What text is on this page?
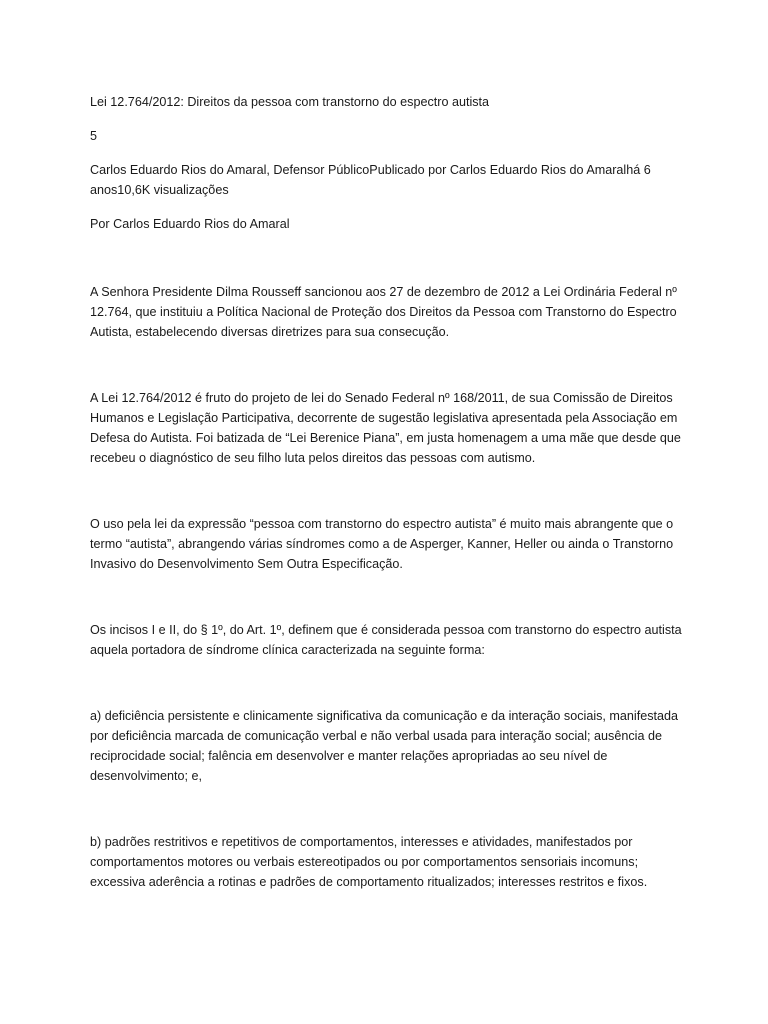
Lei 12.764/2012: Direitos da pessoa com transtorno do espectro autista

5

Carlos Eduardo Rios do Amaral, Defensor PúblicoPublicado por Carlos Eduardo Rios do Amaralhá 6 anos10,6K visualizações

Por Carlos Eduardo Rios do Amaral

A Senhora Presidente Dilma Rousseff sancionou aos 27 de dezembro de 2012 a Lei Ordinária Federal nº 12.764, que instituiu a Política Nacional de Proteção dos Direitos da Pessoa com Transtorno do Espectro Autista, estabelecendo diversas diretrizes para sua consecução.

A Lei 12.764/2012 é fruto do projeto de lei do Senado Federal nº 168/2011, de sua Comissão de Direitos Humanos e Legislação Participativa, decorrente de sugestão legislativa apresentada pela Associação em Defesa do Autista. Foi batizada de “Lei Berenice Piana”, em justa homenagem a uma mãe que desde que recebeu o diagnóstico de seu filho luta pelos direitos das pessoas com autismo.

O uso pela lei da expressão “pessoa com transtorno do espectro autista” é muito mais abrangente que o termo “autista”, abrangendo várias síndromes como a de Asperger, Kanner, Heller ou ainda o Transtorno Invasivo do Desenvolvimento Sem Outra Especificação.

Os incisos I e II, do § 1º, do Art. 1º, definem que é considerada pessoa com transtorno do espectro autista aquela portadora de síndrome clínica caracterizada na seguinte forma:

a) deficiência persistente e clinicamente significativa da comunicação e da interação sociais, manifestada por deficiência marcada de comunicação verbal e não verbal usada para interação social; ausência de reciprocidade social; falência em desenvolver e manter relações apropriadas ao seu nível de desenvolvimento; e,

b) padrões restritivos e repetitivos de comportamentos, interesses e atividades, manifestados por comportamentos motores ou verbais estereotipados ou por comportamentos sensoriais incomuns; excessiva aderência a rotinas e padrões de comportamento ritualizados; interesses restritos e fixos.
